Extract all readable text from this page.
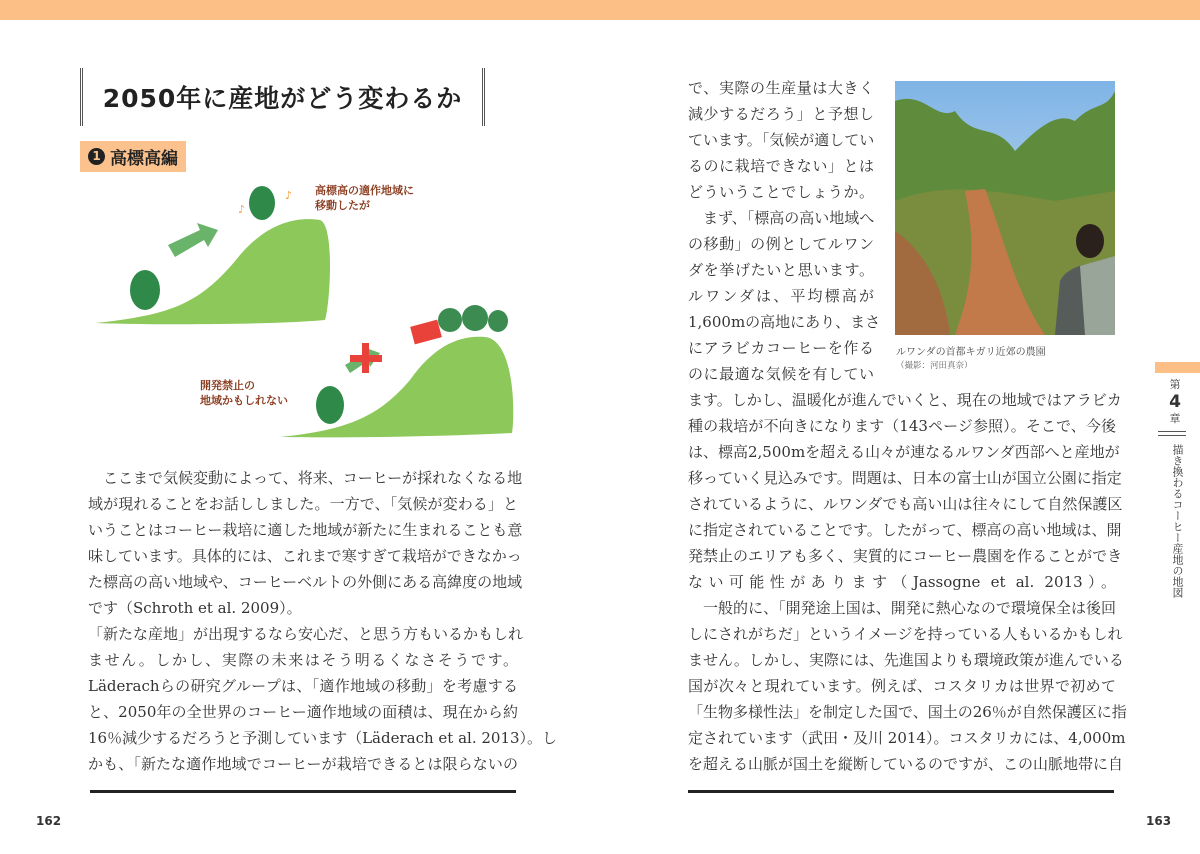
2050年に産地がどう変わるか
1 高標高編
♪
♪ 高標高の適作地域に
移動したが
開発禁止の
地域かもしれない
　ここまで気候変動によって、将来、コーヒーが採れなくなる地
域が現れることをお話ししました。一方で、「気候が変わる」と
いうことはコーヒー栽培に適した地域が新たに生まれることも意
味しています。具体的には、これまで寒すぎて栽培ができなかっ
た標高の高い地域や、コーヒーベルトの外側にある高緯度の地域
です（Schroth et al. 2009）。
「新たな産地」が出現するなら安心だ、と思う方もいるかもしれ
ません。しかし、実際の未来はそう明るくなさそうです。
Läderachらの研究グループは、「適作地域の移動」を考慮する
と、2050年の全世界のコーヒー適作地域の面積は、現在から約
16％減少するだろうと予測しています（Läderach et al. 2013）。し
かも、「新たな適作地域でコーヒーが栽培できるとは限らないの
で、実際の生産量は大きく
減少するだろう」と予想し
ています。「気候が適してい
るのに栽培できない」とは
どういうことでしょうか。
　まず、「標高の高い地域へ
の移動」の例としてルワン
ダを挙げたいと思います。
ルワンダは、平均標高が
1,600mの高地にあり、まさ
にアラビカコーヒーを作る
のに最適な気候を有してい
ます。しかし、温暖化が進んでいくと、現在の地域ではアラビカ
種の栽培が不向きになります（143ページ参照）。そこで、今後
は、標高2,500mを超える山々が連なるルワンダ西部へと産地が
移っていく見込みです。問題は、日本の富士山が国立公園に指定
されているように、ルワンダでも高い山は往々にして自然保護区
に指定されていることです。したがって、標高の高い地域は、開
発禁止のエリアも多く、実質的にコーヒー農園を作ることができ
ない可能性があります（Jassogne et al. 2013）。
　一般的に、「開発途上国は、開発に熱心なので環境保全は後回
しにされがちだ」というイメージを持っている人もいるかもしれ
ません。しかし、実際には、先進国よりも環境政策が進んでいる
国が次々と現れています。例えば、コスタリカは世界で初めて
「生物多様性法」を制定した国で、国土の26％が自然保護区に指
定されています（武田・及川 2014）。コスタリカには、4,000m
を超える山脈が国土を縦断しているのですが、この山脈地帯に自
ルワンダの首都キガリ近郊の農園
（撮影：河田真奈）
162	163
第
4
章
描き換わるコーヒー産地の地図
